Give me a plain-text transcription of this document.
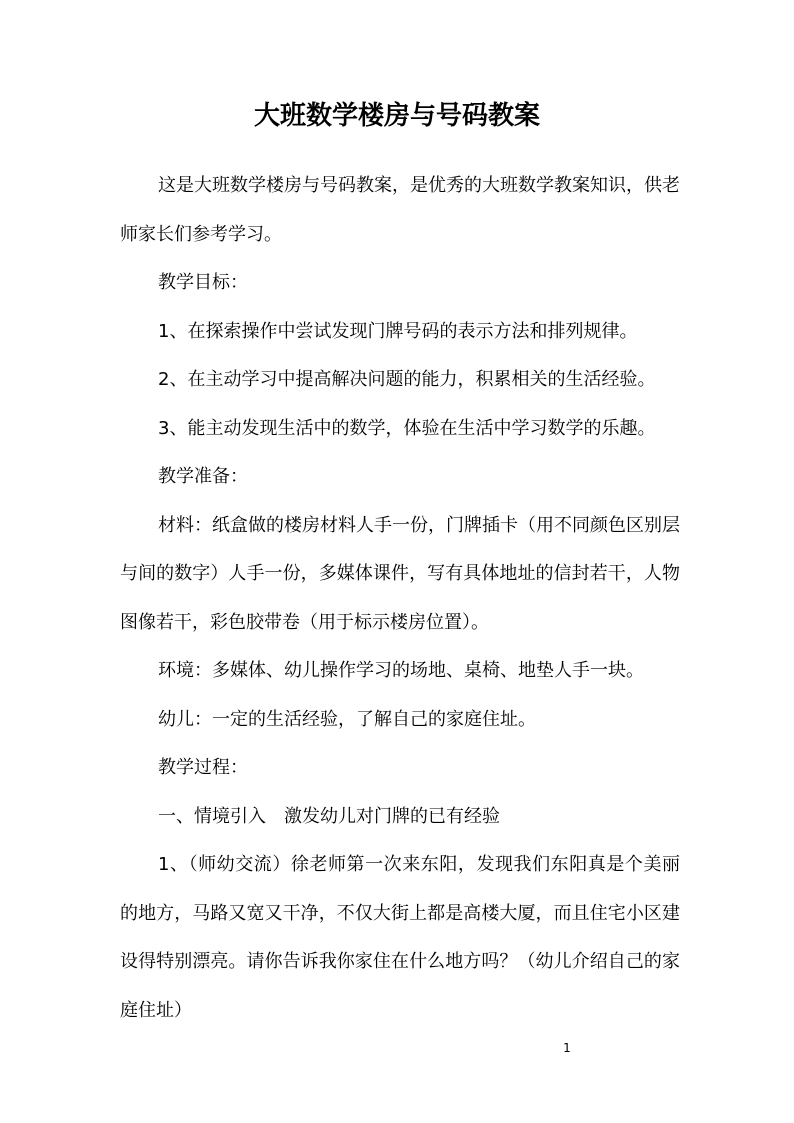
大班数学楼房与号码教案

这是大班数学楼房与号码教案，是优秀的大班数学教案知识，供老师家长们参考学习。

教学目标：

1、在探索操作中尝试发现门牌号码的表示方法和排列规律。

2、在主动学习中提高解决问题的能力，积累相关的生活经验。

3、能主动发现生活中的数学，体验在生活中学习数学的乐趣。

教学准备：

材料：纸盒做的楼房材料人手一份，门牌插卡（用不同颜色区别层与间的数字）人手一份，多媒体课件，写有具体地址的信封若干，人物图像若干，彩色胶带卷（用于标示楼房位置）。

环境：多媒体、幼儿操作学习的场地、桌椅、地垫人手一块。

幼儿：一定的生活经验，了解自己的家庭住址。

教学过程：

一、情境引入　激发幼儿对门牌的已有经验

1、（师幼交流）徐老师第一次来东阳，发现我们东阳真是个美丽的地方，马路又宽又干净，不仅大街上都是高楼大厦，而且住宅小区建设得特别漂亮。请你告诉我你家住在什么地方吗？（幼儿介绍自己的家庭住址）

1
